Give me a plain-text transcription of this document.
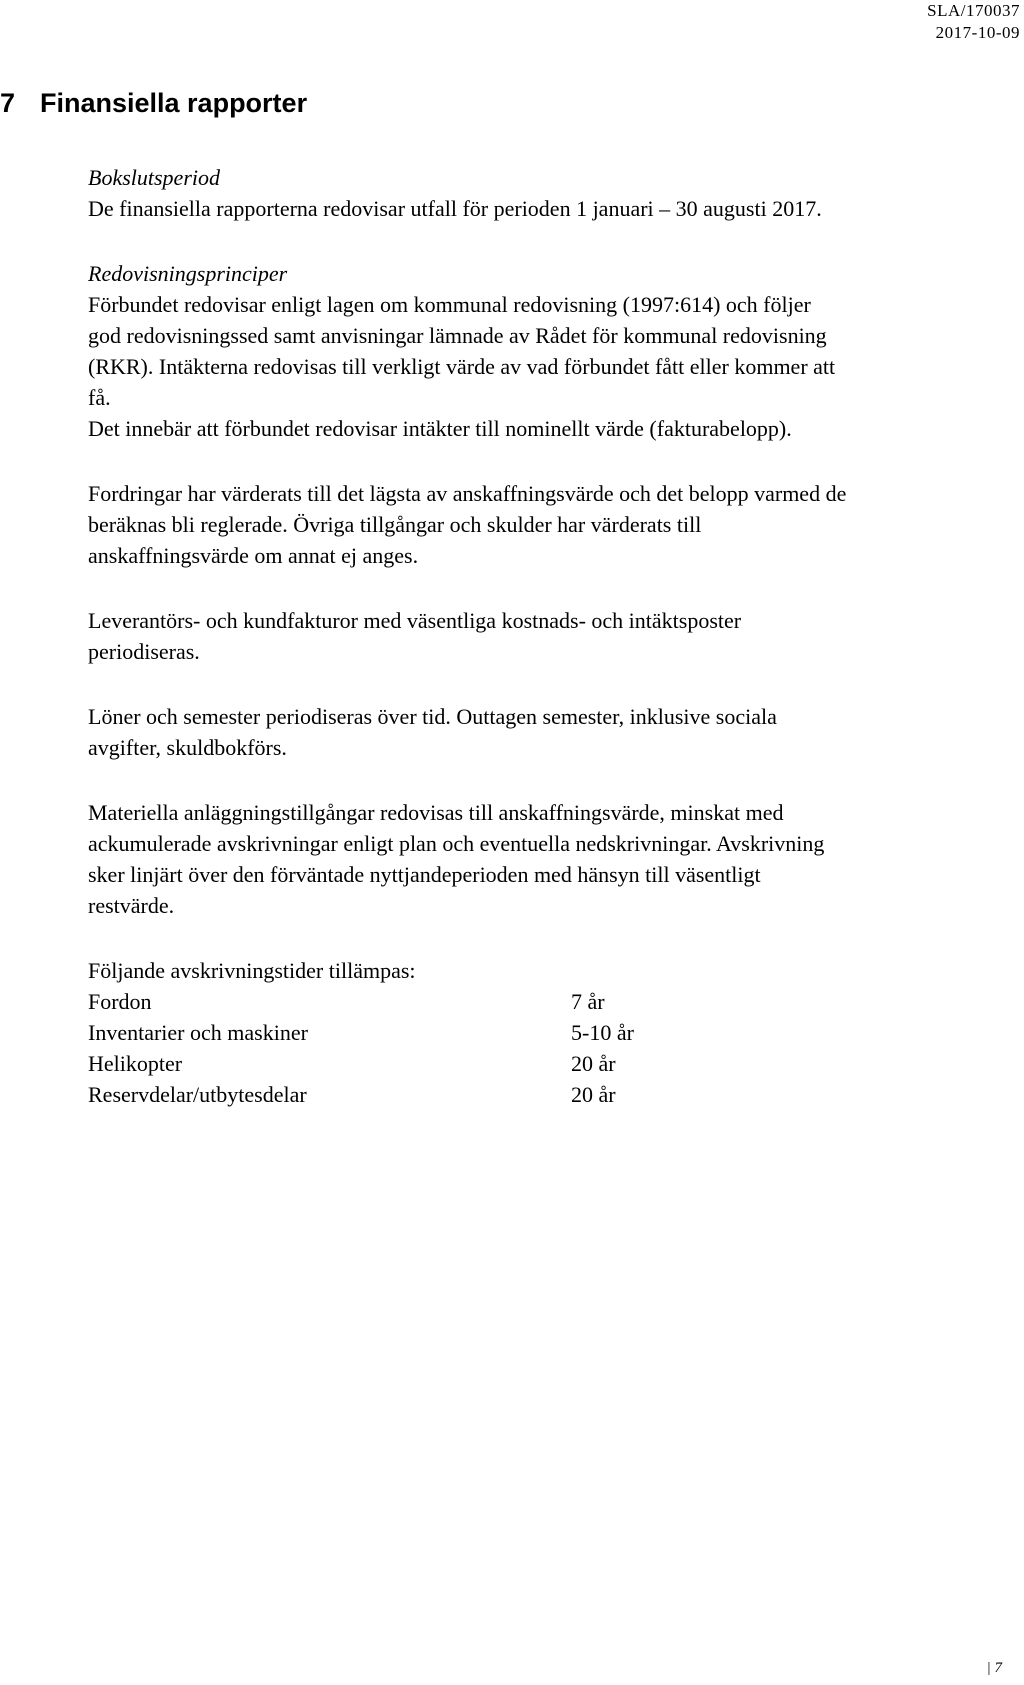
SLA/170037
2017-10-09
7 Finansiella rapporter
Bokslutsperiod
De finansiella rapporterna redovisar utfall för perioden 1 januari – 30 augusti 2017.
Redovisningsprinciper
Förbundet redovisar enligt lagen om kommunal redovisning (1997:614) och följer
god redovisningssed samt anvisningar lämnade av Rådet för kommunal redovisning
(RKR). Intäkterna redovisas till verkligt värde av vad förbundet fått eller kommer att
få.
Det innebär att förbundet redovisar intäkter till nominellt värde (fakturabelopp).
Fordringar har värderats till det lägsta av anskaffningsvärde och det belopp varmed de
beräknas bli reglerade. Övriga tillgångar och skulder har värderats till
anskaffningsvärde om annat ej anges.
Leverantörs- och kundfakturor med väsentliga kostnads- och intäktsposter
periodiseras.
Löner och semester periodiseras över tid. Outtagen semester, inklusive sociala
avgifter, skuldbokförs.
Materiella anläggningstillgångar redovisas till anskaffningsvärde, minskat med
ackumulerade avskrivningar enligt plan och eventuella nedskrivningar. Avskrivning
sker linjärt över den förväntade nyttjandeperioden med hänsyn till väsentligt
restvärde.
Följande avskrivningstider tillämpas:
Fordon	7 år
Inventarier och maskiner	5-10 år
Helikopter	20 år
Reservdelar/utbytesdelar	20 år
| 7
